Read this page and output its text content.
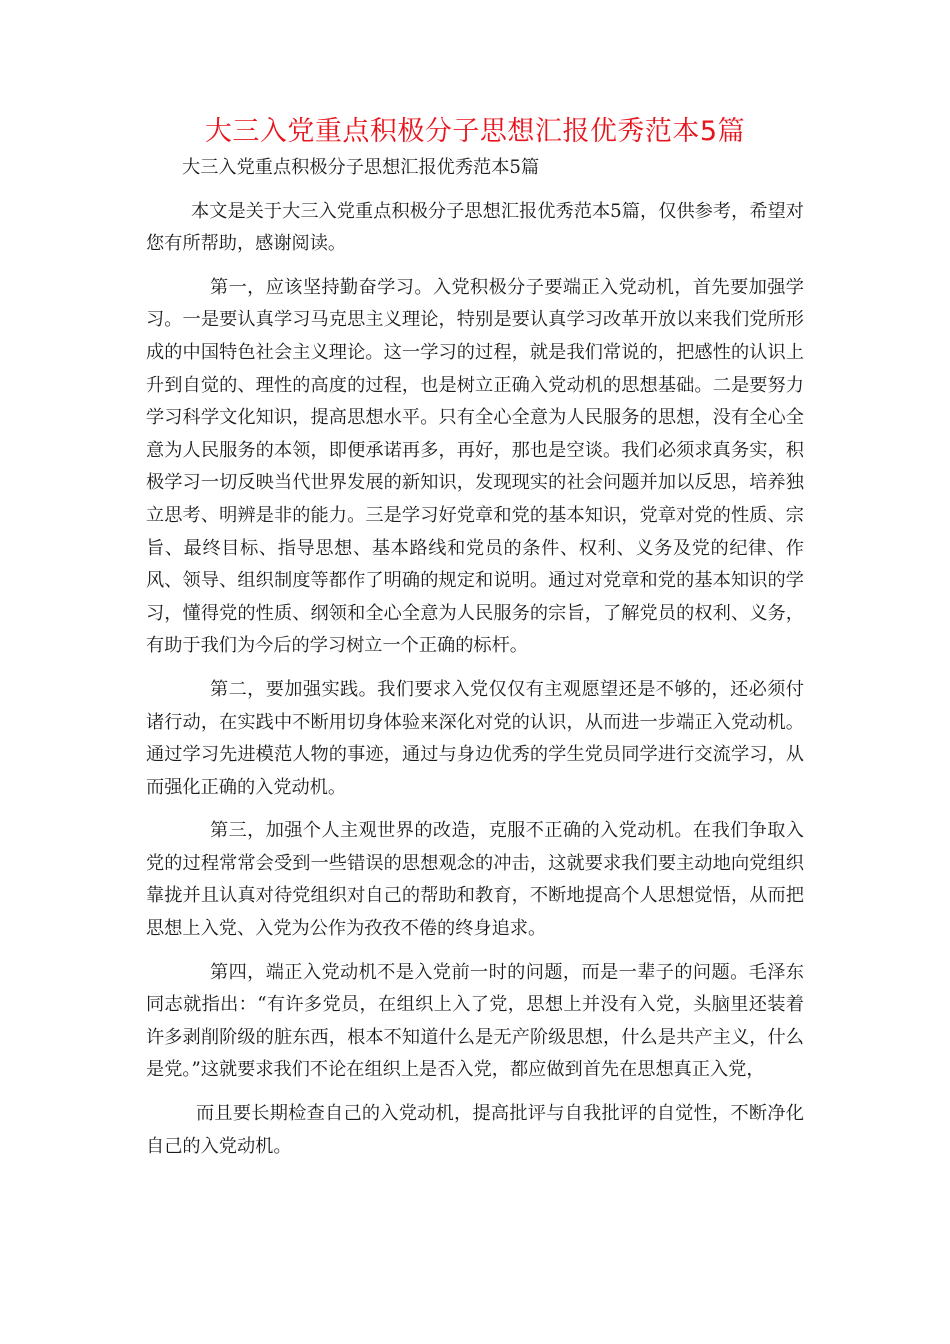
大三入党重点积极分子思想汇报优秀范本5篇

大三入党重点积极分子思想汇报优秀范本5篇

本文是关于大三入党重点积极分子思想汇报优秀范本5篇，仅供参考，希望对您有所帮助，感谢阅读。

第一，应该坚持勤奋学习。入党积极分子要端正入党动机，首先要加强学习。一是要认真学习马克思主义理论，特别是要认真学习改革开放以来我们党所形成的中国特色社会主义理论。这一学习的过程，就是我们常说的，把感性的认识上升到自觉的、理性的高度的过程，也是树立正确入党动机的思想基础。二是要努力学习科学文化知识，提高思想水平。只有全心全意为人民服务的思想，没有全心全意为人民服务的本领，即便承诺再多，再好，那也是空谈。我们必须求真务实，积极学习一切反映当代世界发展的新知识，发现现实的社会问题并加以反思，培养独立思考、明辨是非的能力。三是学习好党章和党的基本知识，党章对党的性质、宗旨、最终目标、指导思想、基本路线和党员的条件、权利、义务及党的纪律、作风、领导、组织制度等都作了明确的规定和说明。通过对党章和党的基本知识的学习，懂得党的性质、纲领和全心全意为人民服务的宗旨，了解党员的权利、义务，有助于我们为今后的学习树立一个正确的标杆。

第二，要加强实践。我们要求入党仅仅有主观愿望还是不够的，还必须付诸行动，在实践中不断用切身体验来深化对党的认识，从而进一步端正入党动机。通过学习先进模范人物的事迹，通过与身边优秀的学生党员同学进行交流学习，从而强化正确的入党动机。

第三，加强个人主观世界的改造，克服不正确的入党动机。在我们争取入党的过程常常会受到一些错误的思想观念的冲击，这就要求我们要主动地向党组织靠拢并且认真对待党组织对自己的帮助和教育，不断地提高个人思想觉悟，从而把思想上入党、入党为公作为孜孜不倦的终身追求。

第四，端正入党动机不是入党前一时的问题，而是一辈子的问题。毛泽东同志就指出：“有许多党员，在组织上入了党，思想上并没有入党，头脑里还装着许多剥削阶级的脏东西，根本不知道什么是无产阶级思想，什么是共产主义，什么是党。”这就要求我们不论在组织上是否入党，都应做到首先在思想真正入党，

而且要长期检查自己的入党动机，提高批评与自我批评的自觉性，不断净化自己的入党动机。
